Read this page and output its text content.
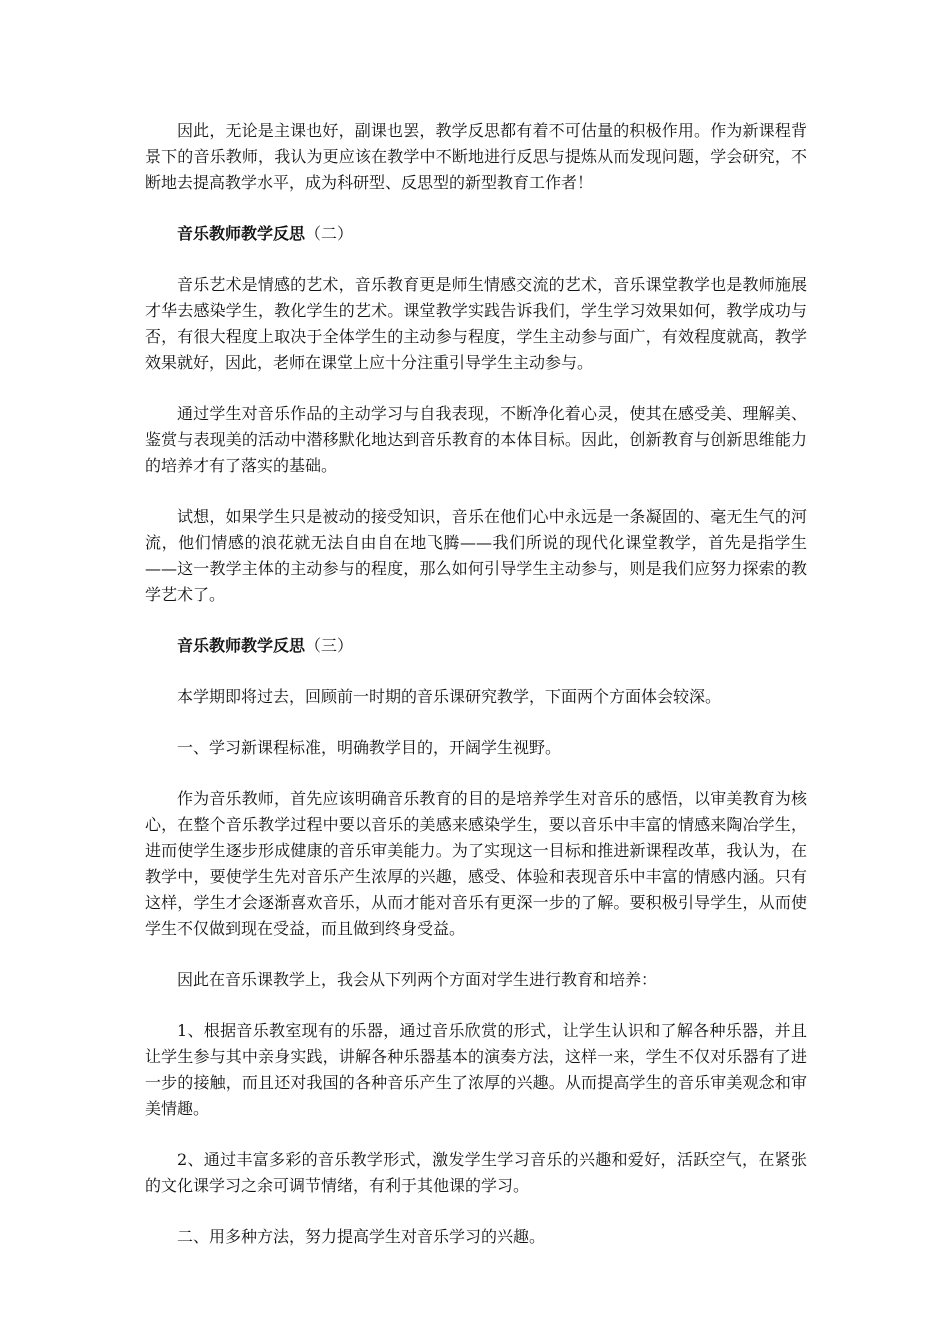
因此，无论是主课也好，副课也罢，教学反思都有着不可估量的积极作用。作为新课程背景下的音乐教师，我认为更应该在教学中不断地进行反思与提炼从而发现问题，学会研究，不断地去提高教学水平，成为科研型、反思型的新型教育工作者！

音乐教师教学反思（二）

音乐艺术是情感的艺术，音乐教育更是师生情感交流的艺术，音乐课堂教学也是教师施展才华去感染学生，教化学生的艺术。课堂教学实践告诉我们，学生学习效果如何，教学成功与否，有很大程度上取决于全体学生的主动参与程度，学生主动参与面广，有效程度就高，教学效果就好，因此，老师在课堂上应十分注重引导学生主动参与。

通过学生对音乐作品的主动学习与自我表现，不断净化着心灵，使其在感受美、理解美、鉴赏与表现美的活动中潜移默化地达到音乐教育的本体目标。因此，创新教育与创新思维能力的培养才有了落实的基础。

试想，如果学生只是被动的接受知识，音乐在他们心中永远是一条凝固的、毫无生气的河流，他们情感的浪花就无法自由自在地飞腾——我们所说的现代化课堂教学，首先是指学生——这一教学主体的主动参与的程度，那么如何引导学生主动参与，则是我们应努力探索的教学艺术了。

音乐教师教学反思（三）

本学期即将过去，回顾前一时期的音乐课研究教学，下面两个方面体会较深。

一、学习新课程标准，明确教学目的，开阔学生视野。

作为音乐教师，首先应该明确音乐教育的目的是培养学生对音乐的感悟，以审美教育为核心，在整个音乐教学过程中要以音乐的美感来感染学生，要以音乐中丰富的情感来陶冶学生，进而使学生逐步形成健康的音乐审美能力。为了实现这一目标和推进新课程改革，我认为，在教学中，要使学生先对音乐产生浓厚的兴趣，感受、体验和表现音乐中丰富的情感内涵。只有这样，学生才会逐渐喜欢音乐，从而才能对音乐有更深一步的了解。要积极引导学生，从而使学生不仅做到现在受益，而且做到终身受益。

因此在音乐课教学上，我会从下列两个方面对学生进行教育和培养：

1、根据音乐教室现有的乐器，通过音乐欣赏的形式，让学生认识和了解各种乐器，并且让学生参与其中亲身实践，讲解各种乐器基本的演奏方法，这样一来，学生不仅对乐器有了进一步的接触，而且还对我国的各种音乐产生了浓厚的兴趣。从而提高学生的音乐审美观念和审美情趣。

2、通过丰富多彩的音乐教学形式，激发学生学习音乐的兴趣和爱好，活跃空气，在紧张的文化课学习之余可调节情绪，有利于其他课的学习。

二、用多种方法，努力提高学生对音乐学习的兴趣。
